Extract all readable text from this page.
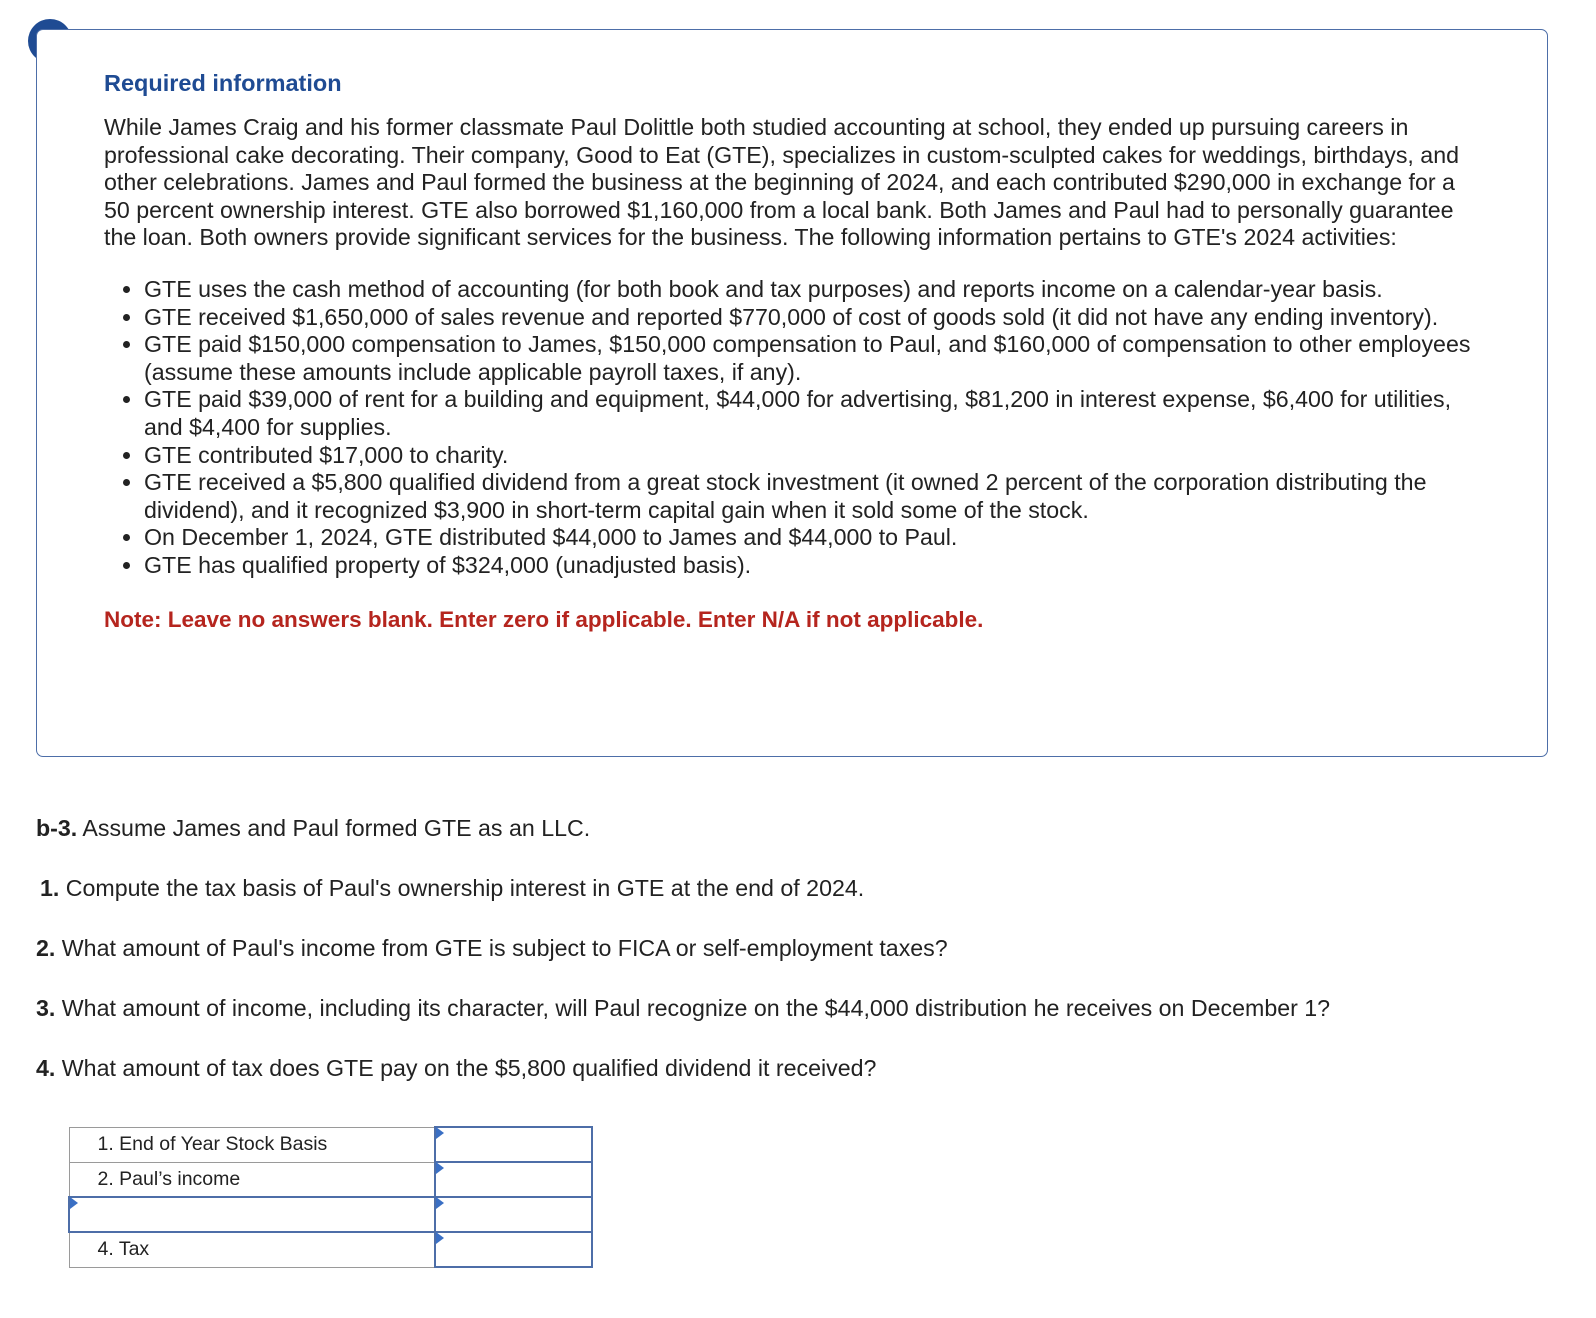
Required information

While James Craig and his former classmate Paul Dolittle both studied accounting at school, they ended up pursuing careers in professional cake decorating. Their company, Good to Eat (GTE), specializes in custom-sculpted cakes for weddings, birthdays, and other celebrations. James and Paul formed the business at the beginning of 2024, and each contributed $290,000 in exchange for a 50 percent ownership interest. GTE also borrowed $1,160,000 from a local bank. Both James and Paul had to personally guarantee the loan. Both owners provide significant services for the business. The following information pertains to GTE's 2024 activities:

• GTE uses the cash method of accounting (for both book and tax purposes) and reports income on a calendar-year basis.
• GTE received $1,650,000 of sales revenue and reported $770,000 of cost of goods sold (it did not have any ending inventory).
• GTE paid $150,000 compensation to James, $150,000 compensation to Paul, and $160,000 of compensation to other employees (assume these amounts include applicable payroll taxes, if any).
• GTE paid $39,000 of rent for a building and equipment, $44,000 for advertising, $81,200 in interest expense, $6,400 for utilities, and $4,400 for supplies.
• GTE contributed $17,000 to charity.
• GTE received a $5,800 qualified dividend from a great stock investment (it owned 2 percent of the corporation distributing the dividend), and it recognized $3,900 in short-term capital gain when it sold some of the stock.
• On December 1, 2024, GTE distributed $44,000 to James and $44,000 to Paul.
• GTE has qualified property of $324,000 (unadjusted basis).

Note: Leave no answers blank. Enter zero if applicable. Enter N/A if not applicable.

b-3. Assume James and Paul formed GTE as an LLC.

1. Compute the tax basis of Paul's ownership interest in GTE at the end of 2024.

2. What amount of Paul's income from GTE is subject to FICA or self-employment taxes?

3. What amount of income, including its character, will Paul recognize on the $44,000 distribution he receives on December 1?

4. What amount of tax does GTE pay on the $5,800 qualified dividend it received?

1. End of Year Stock Basis	

2. Paul’s income	

4. Tax	
